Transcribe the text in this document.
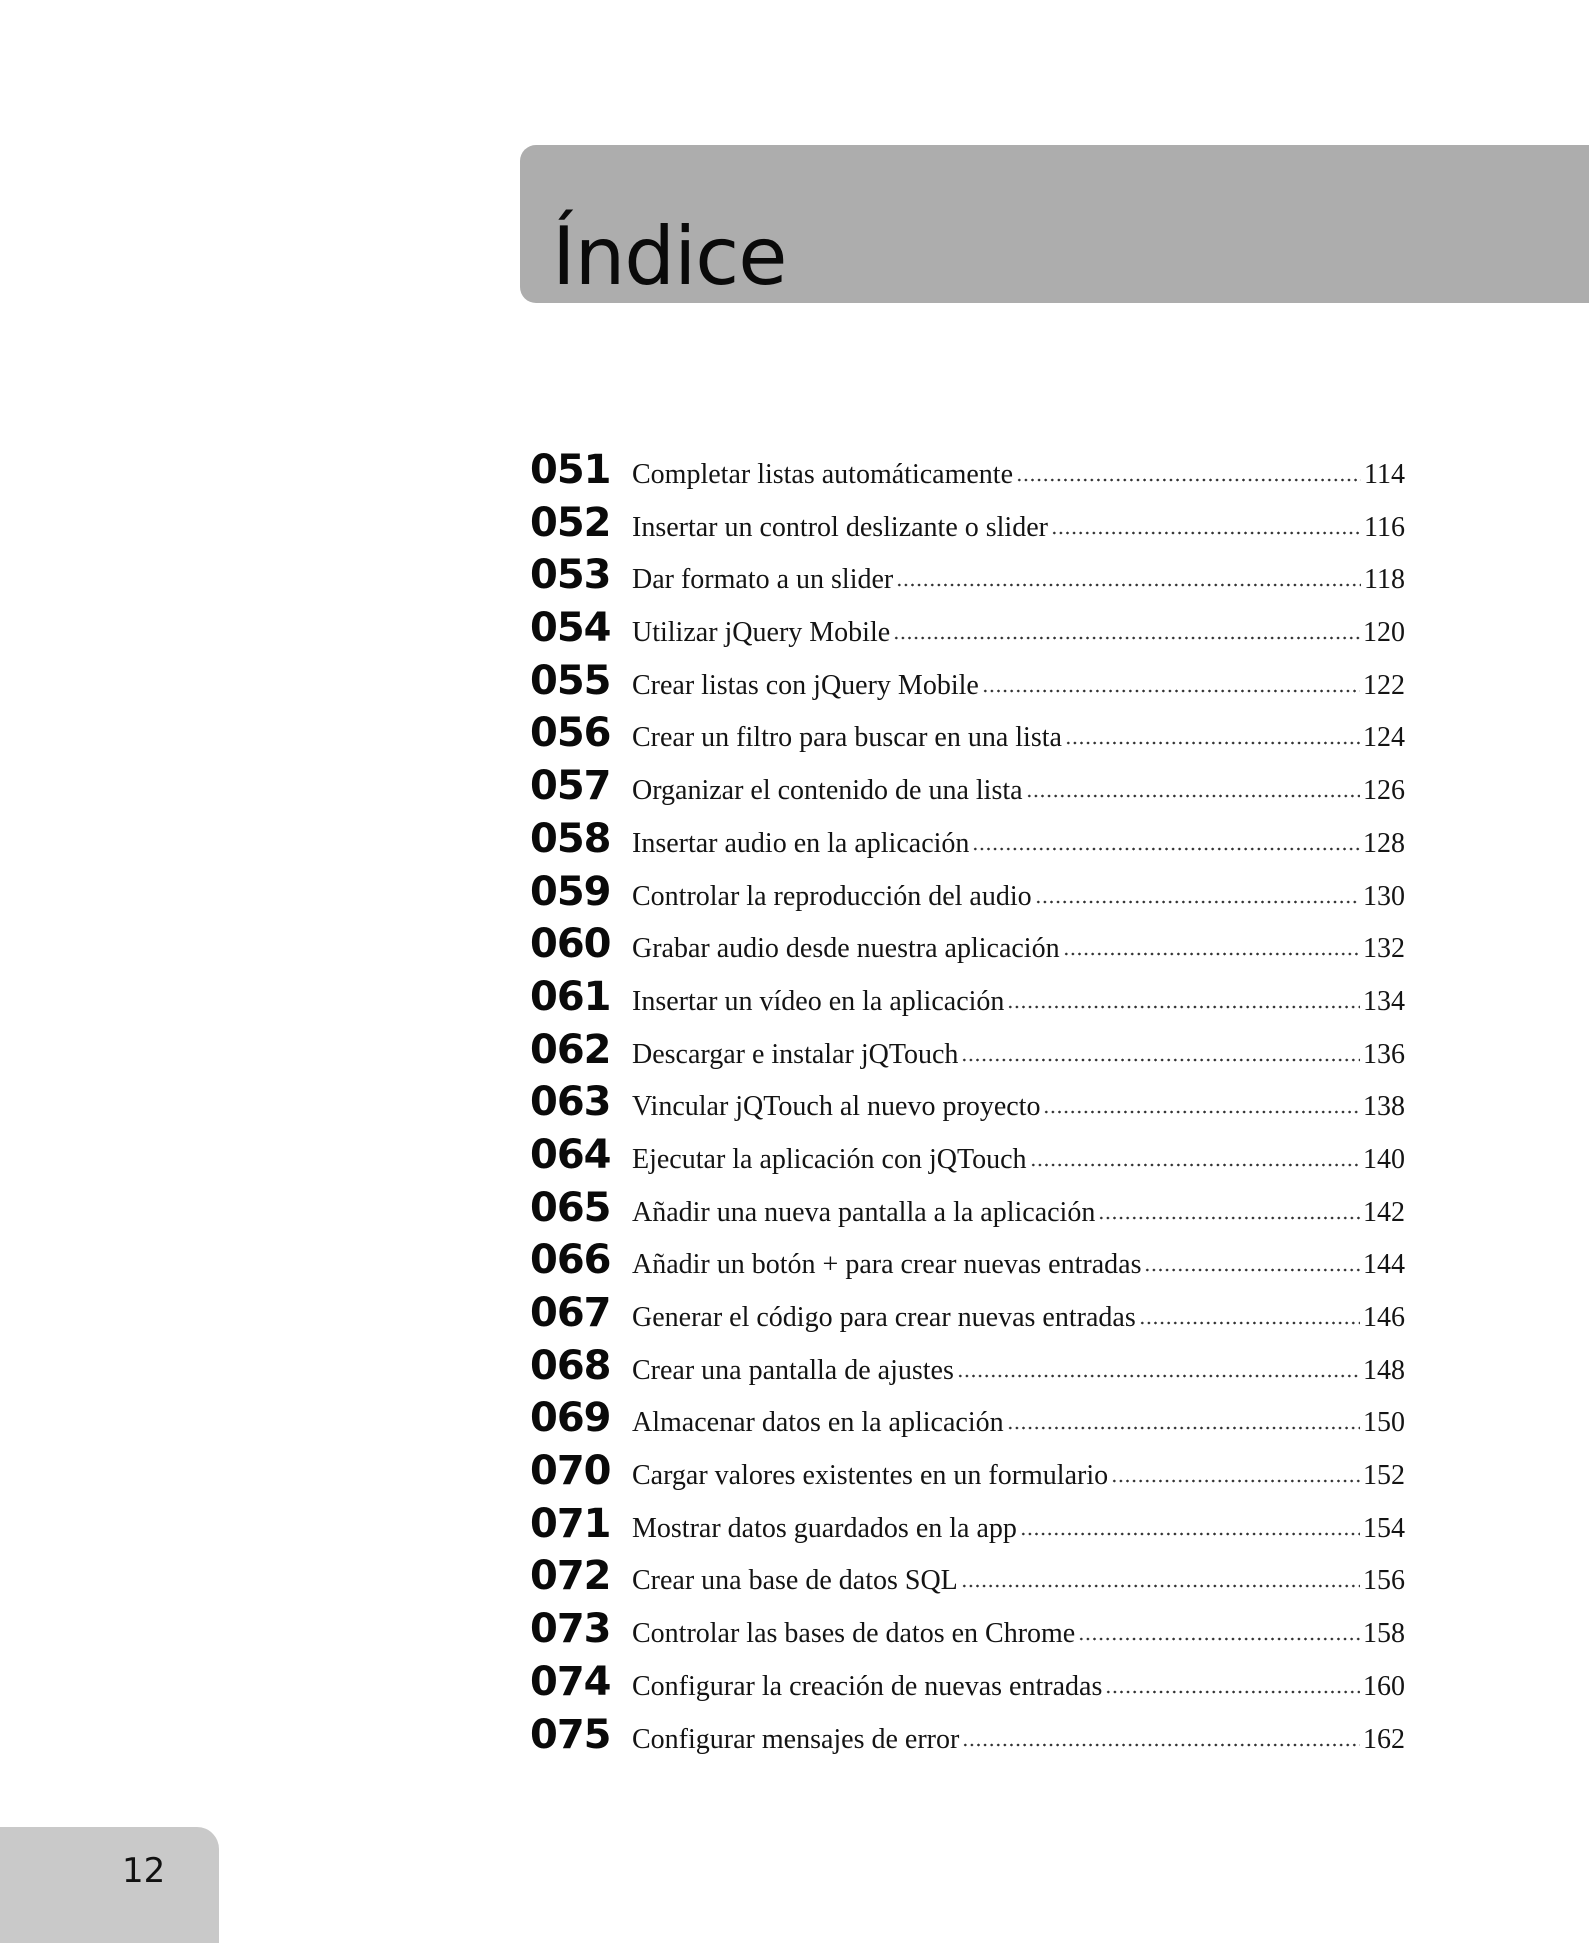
Índice
051 Completar listas automáticamente	114
052 Insertar un control deslizante o slider	116
053 Dar formato a un slider	118
054 Utilizar jQuery Mobile	120
055 Crear listas con jQuery Mobile	122
056 Crear un filtro para buscar en una lista	124
057 Organizar el contenido de una lista	126
058 Insertar audio en la aplicación	128
059 Controlar la reproducción del audio	130
060 Grabar audio desde nuestra aplicación	132
061 Insertar un vídeo en la aplicación	134
062 Descargar e instalar jQTouch	136
063 Vincular jQTouch al nuevo proyecto	138
064 Ejecutar la aplicación con jQTouch	140
065 Añadir una nueva pantalla a la aplicación	142
066 Añadir un botón + para crear nuevas entradas	144
067 Generar el código para crear nuevas entradas	146
068 Crear una pantalla de ajustes	148
069 Almacenar datos en la aplicación	150
070 Cargar valores existentes en un formulario	152
071 Mostrar datos guardados en la app	154
072 Crear una base de datos SQL	156
073 Controlar las bases de datos en Chrome	158
074 Configurar la creación de nuevas entradas	160
075 Configurar mensajes de error	162
12
